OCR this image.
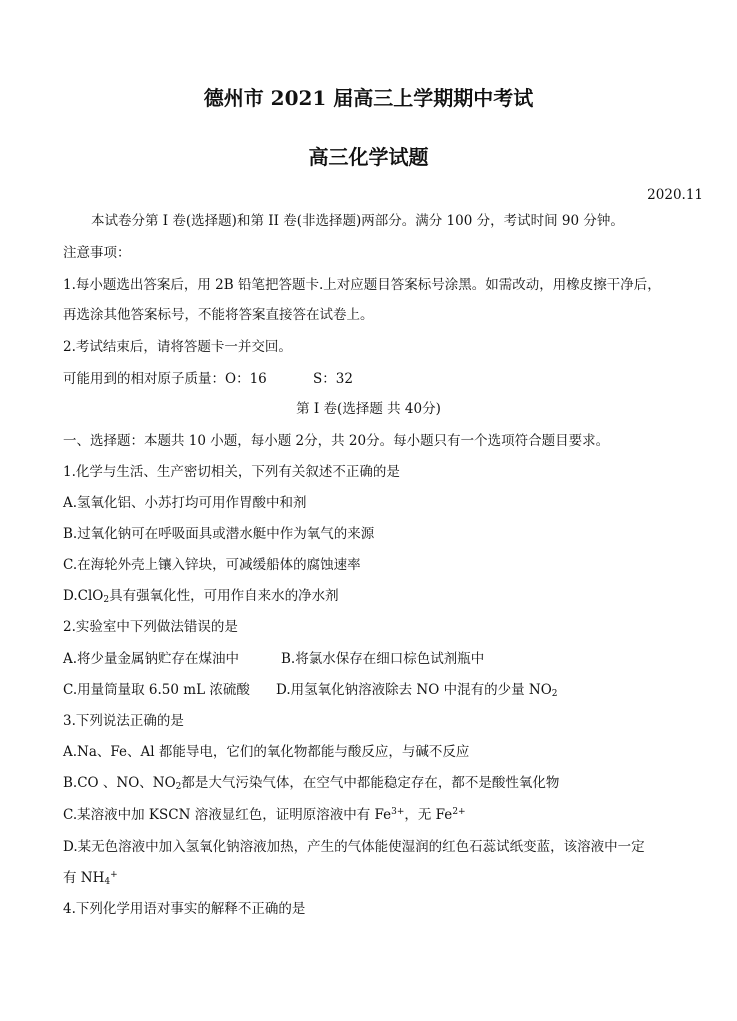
德州市 2021 届高三上学期期中考试
高三化学试题
2020.11
本试卷分第 I 卷(选择题)和第 II 卷(非选择题)两部分。满分 100 分，考试时间 90 分钟。
注意事项：
1.每小题选出答案后，用 2B 铅笔把答题卡.上对应题目答案标号涂黑。如需改动，用橡皮擦干净后，
再选涂其他答案标号，不能将答案直接答在试卷上。
2.考试结束后，请将答题卡一并交回。
可能用到的相对原子质量：O：16	S：32
第 I 卷(选择题 共 40分)
一、选择题：本题共 10 小题，每小题 2分，共 20分。每小题只有一个选项符合题目要求。
1.化学与生活、生产密切相关，下列有关叙述不正确的是
A.氢氧化铝、小苏打均可用作胃酸中和剂
B.过氧化钠可在呼吸面具或潜水艇中作为氧气的来源
C.在海轮外壳上镶入锌块，可减缓船体的腐蚀速率
D.ClO$_2$具有强氧化性，可用作自来水的净水剂
2.实验室中下列做法错误的是
A.将少量金属钠贮存在煤油中	B.将氯水保存在细口棕色试剂瓶中
C.用量筒量取 6.50 mL 浓硫酸 D.用氢氧化钠溶液除去 NO 中混有的少量 $NO_2$
3.下列说法正确的是
A.Na、Fe、Al 都能导电，它们的氧化物都能与酸反应，与碱不反应
B.CO 、NO、$NO_2$都是大气污染气体，在空气中都能稳定存在，都不是酸性氧化物
C.某溶液中加 KSCN 溶液显红色，证明原溶液中有 $Fe^{3+}$，无 $Fe^{2+}$
D.某无色溶液中加入氢氧化钠溶液加热，产生的气体能使湿润的红色石蕊试纸变蓝，该溶液中一定
有 $NH_4^+$
4.下列化学用语对事实的解释不正确的是
